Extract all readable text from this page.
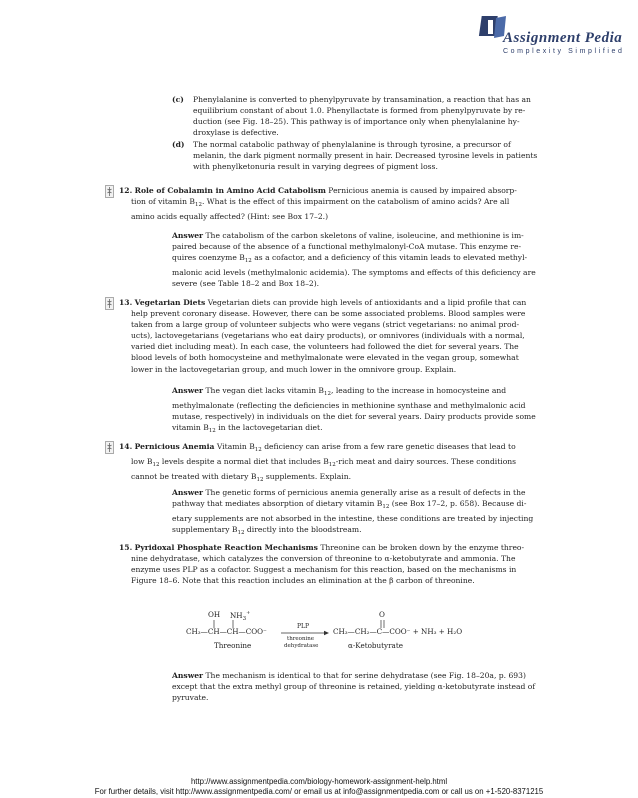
Assignment Pedia
Complexity Simplified
(c) Phenylalanine is converted to phenylpyruvate by transamination, a reaction that has an

equilibrium constant of about 1.0. Phenyllactate is formed from phenylpyruvate by re-

duction (see Fig. 18–25). This pathway is of importance only when phenylalanine hy-

droxylase is defective.

(d) The normal catabolic pathway of phenylalanine is through tyrosine, a precursor of

melanin, the dark pigment normally present in hair. Decreased tyrosine levels in patients

with phenylketonuria result in varying degrees of pigment loss.

12. Role of Cobalamin in Amino Acid Catabolism Pernicious anemia is caused by impaired absorp-

tion of vitamin $B_{12}$. What is the effect of this impairment on the catabolism of amino acids? Are all

amino acids equally affected? (Hint: see Box 17–2.)

Answer The catabolism of the carbon skeletons of valine, isoleucine, and methionine is im-

paired because of the absence of a functional methylmalonyl-CoA mutase. This enzyme re-

quires coenzyme $B_{12}$ as a cofactor, and a deficiency of this vitamin leads to elevated methyl-

malonic acid levels (methylmalonic acidemia). The symptoms and effects of this deficiency are

severe (see Table 18–2 and Box 18–2).

13. Vegetarian Diets Vegetarian diets can provide high levels of antioxidants and a lipid profile that can

help prevent coronary disease. However, there can be some associated problems. Blood samples were

taken from a large group of volunteer subjects who were vegans (strict vegetarians: no animal prod-

ucts), lactovegetarians (vegetarians who eat dairy products), or omnivores (individuals with a normal,

varied diet including meat). In each case, the volunteers had followed the diet for several years. The

blood levels of both homocysteine and methylmalonate were elevated in the vegan group, somewhat

lower in the lactovegetarian group, and much lower in the omnivore group. Explain.

Answer The vegan diet lacks vitamin $B_{12}$, leading to the increase in homocysteine and

methylmalonate (reflecting the deficiencies in methionine synthase and methylmalonic acid

mutase, respectively) in individuals on the diet for several years. Dairy products provide some

vitamin $B_{12}$ in the lactovegetarian diet.

14. Pernicious Anemia Vitamin $B_{12}$ deficiency can arise from a few rare genetic diseases that lead to

low $B_{12}$ levels despite a normal diet that includes $B_{12}$-rich meat and dairy sources. These conditions

cannot be treated with dietary $B_{12}$ supplements. Explain.

Answer The genetic forms of pernicious anemia generally arise as a result of defects in the

pathway that mediates absorption of dietary vitamin $B_{12}$ (see Box 17–2, p. 658). Because di-

etary supplements are not absorbed in the intestine, these conditions are treated by injecting

supplementary $B_{12}$ directly into the bloodstream.

15. Pyridoxal Phosphate Reaction Mechanisms Threonine can be broken down by the enzyme threo-

nine dehydratase, which catalyzes the conversion of threonine to α-ketobutyrate and ammonia. The

enzyme uses PLP as a cofactor. Suggest a mechanism for this reaction, based on the mechanisms in

Figure 18–6. Note that this reaction includes an elimination at the β carbon of threonine.

OH $NH_3^+$
CH₃—CH—CH—COO⁻
Threonine
PLP
threonine
dehydratase
O
CH₃—CH₂—C—COO⁻ + NH₃ + H₂O
α-Ketobutyrate

Answer The mechanism is identical to that for serine dehydratase (see Fig. 18–20a, p. 693)

except that the extra methyl group of threonine is retained, yielding α-ketobutyrate instead of

pyruvate.

http://www.assignmentpedia.com/biology-homework-assignment-help.html
For further details, visit http://www.assignmentpedia.com/ or email us at info@assignmentpedia.com or call us on +1-520-8371215
